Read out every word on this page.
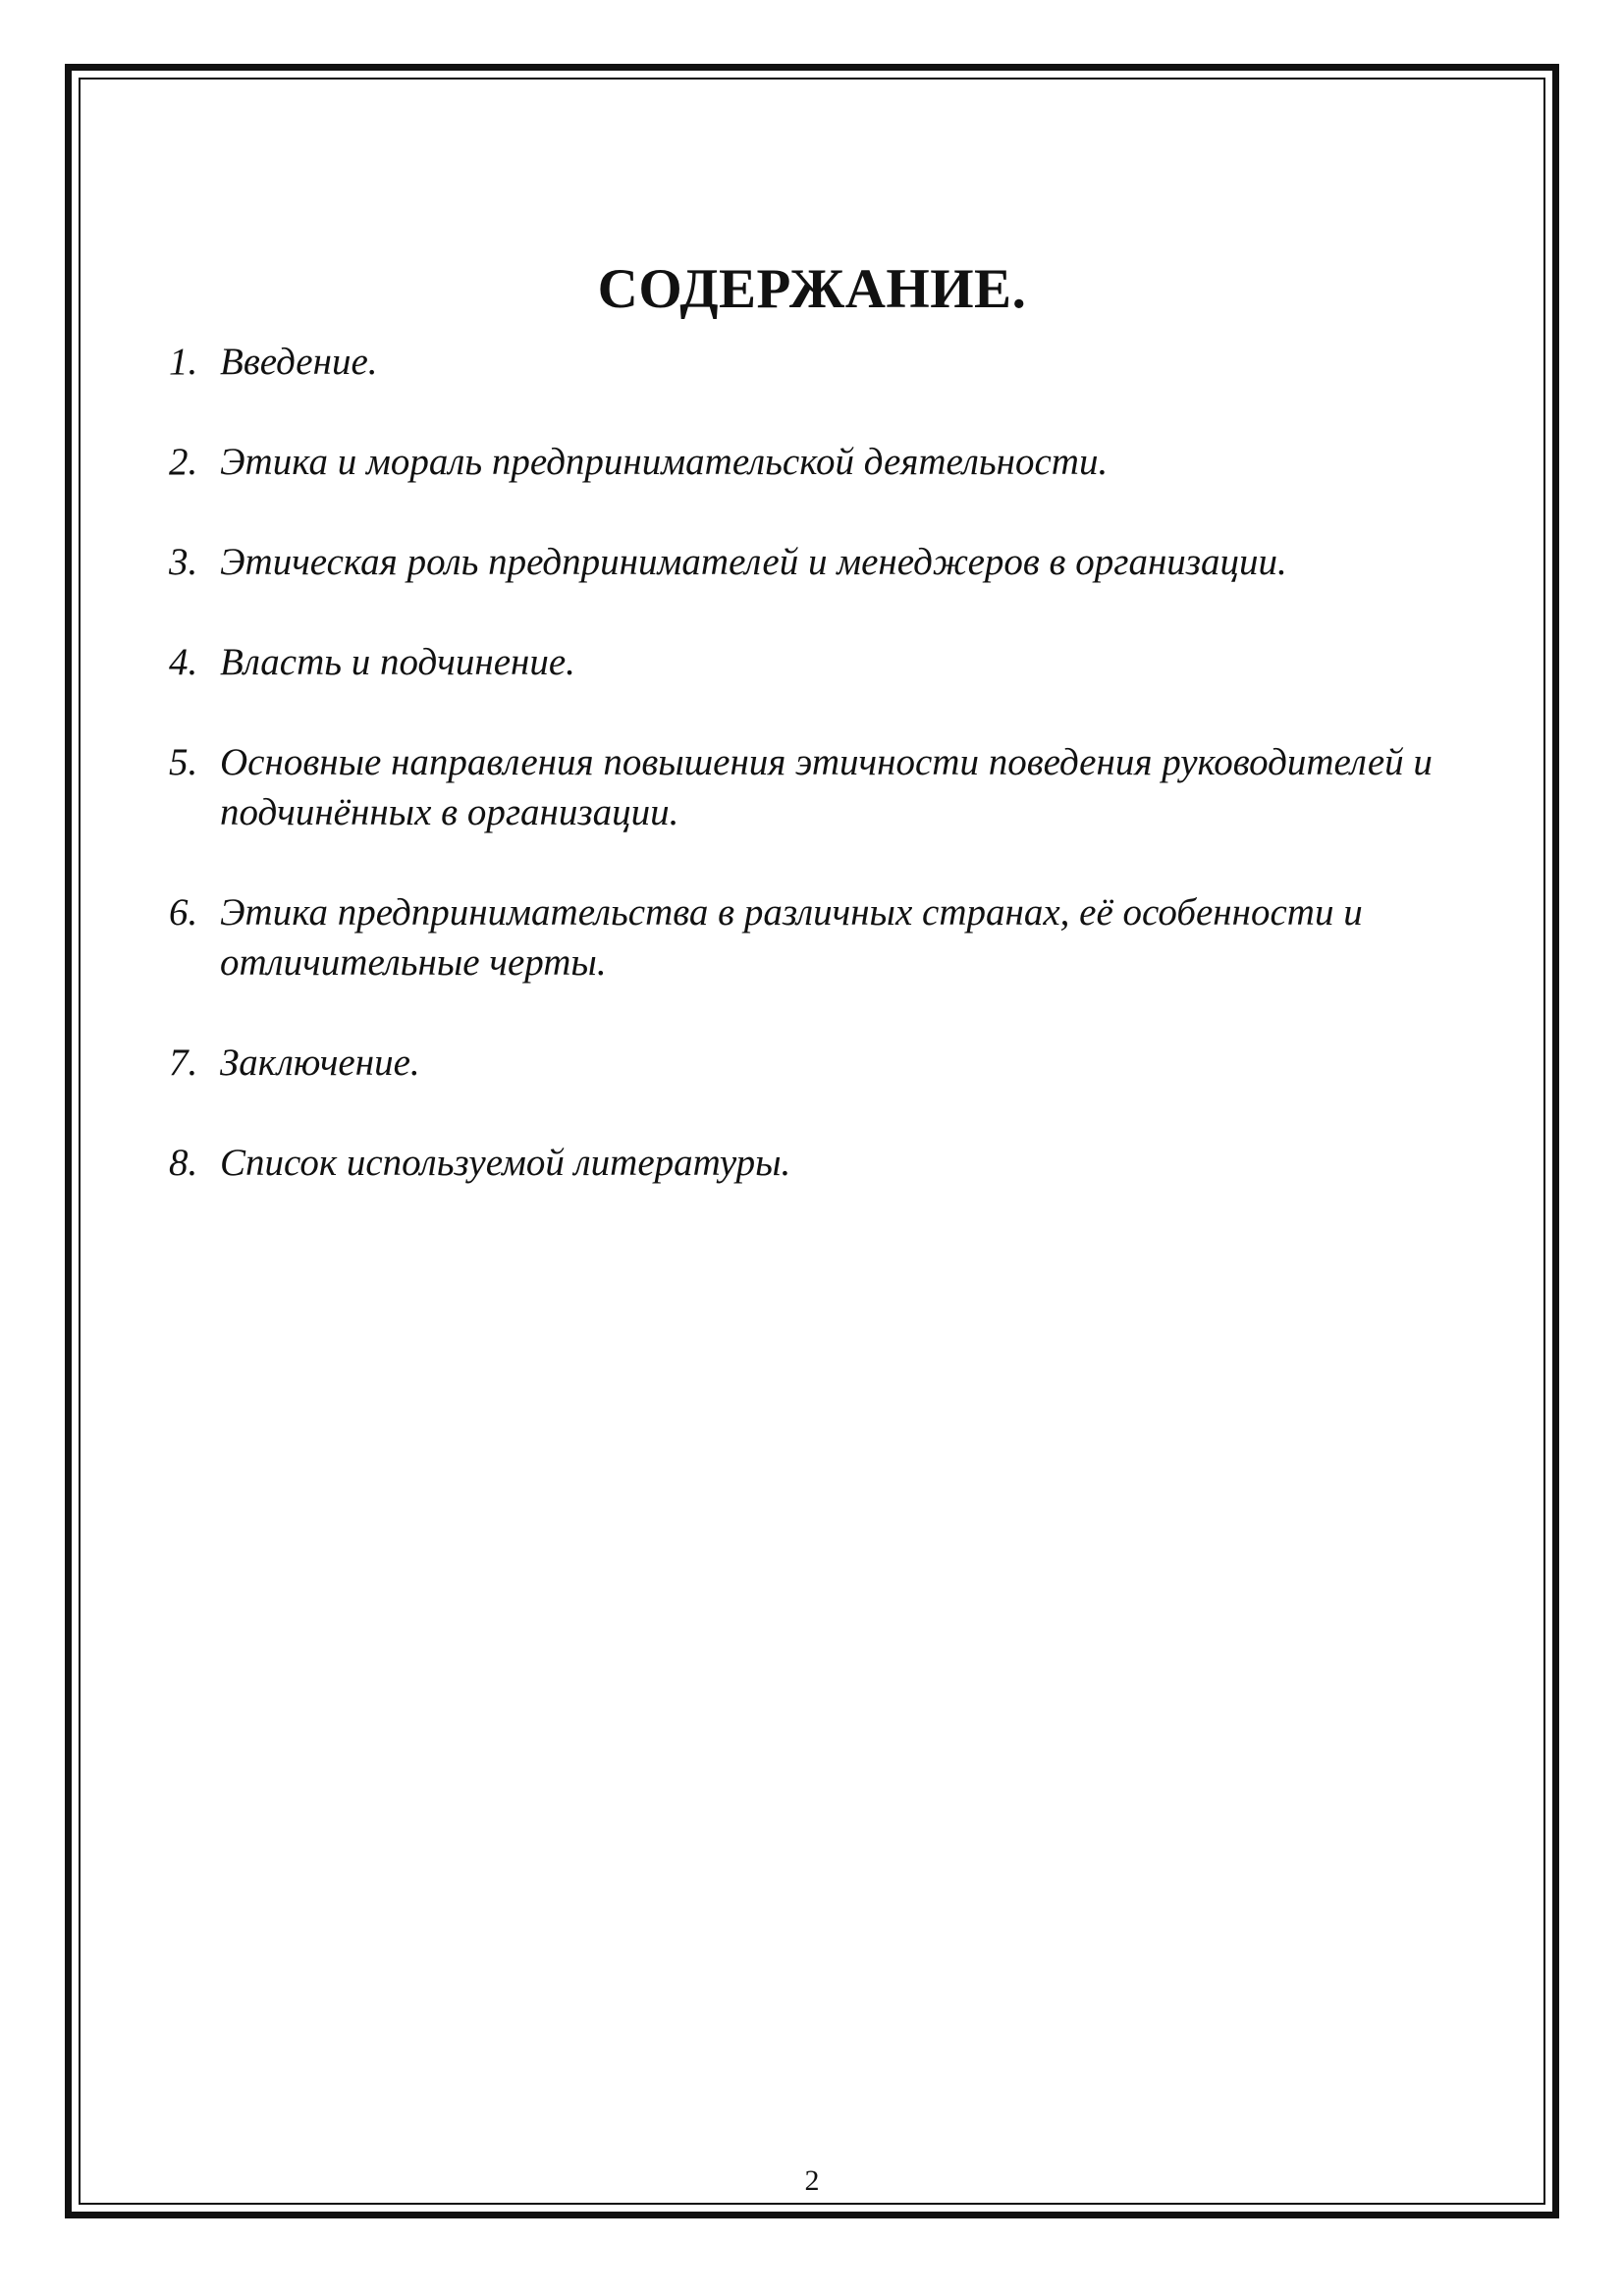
СОДЕРЖАНИЕ.
1. Введение.
2. Этика и мораль предпринимательской деятельности.
3. Этическая роль предпринимателей и менеджеров в организации.
4. Власть и подчинение.
5. Основные направления повышения этичности поведения руководителей и подчинённых в организации.
6. Этика предпринимательства в различных странах, её особенности и отличительные черты.
7. Заключение.
8. Список используемой литературы.
2
